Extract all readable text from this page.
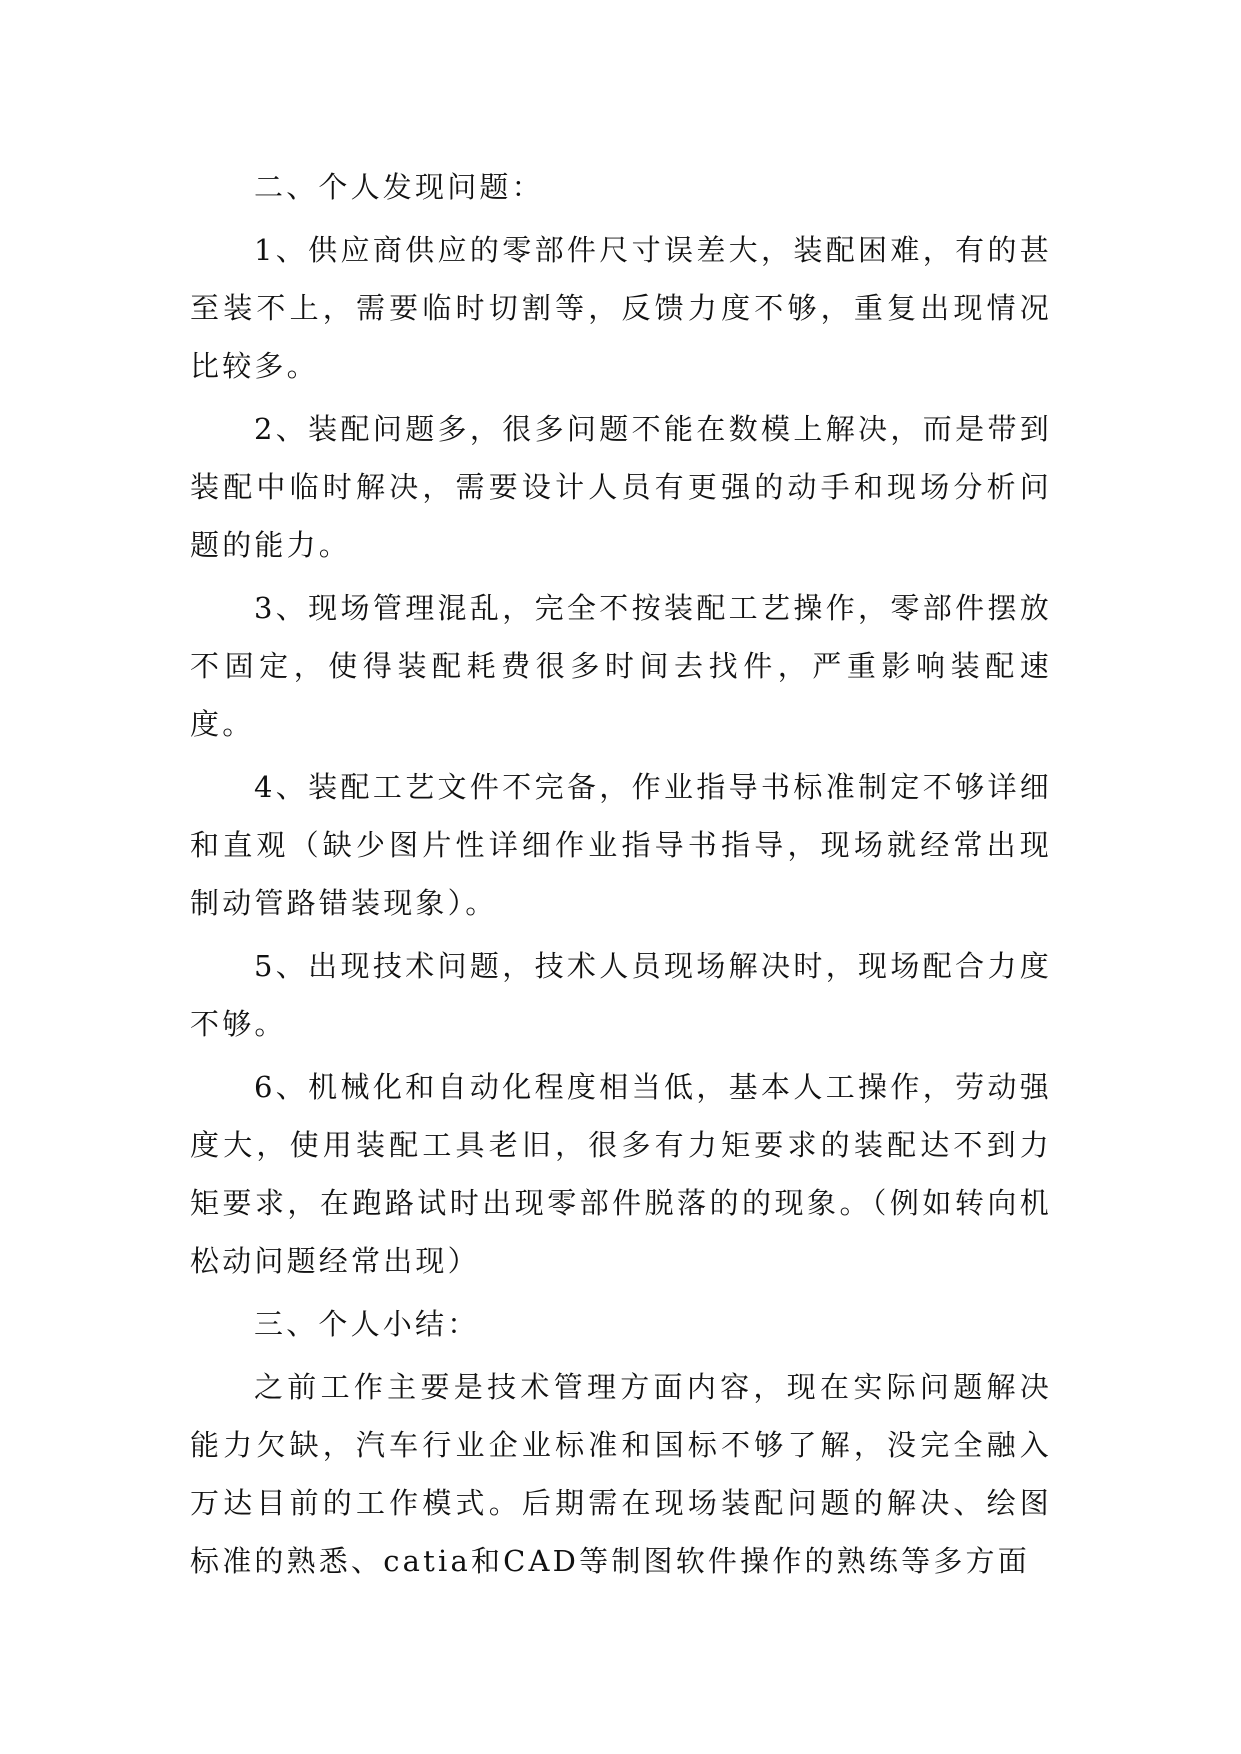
二、个人发现问题：

1、供应商供应的零部件尺寸误差大，装配困难，有的甚至装不上，需要临时切割等，反馈力度不够，重复出现情况比较多。

2、装配问题多，很多问题不能在数模上解决，而是带到装配中临时解决，需要设计人员有更强的动手和现场分析问题的能力。

3、现场管理混乱，完全不按装配工艺操作，零部件摆放不固定，使得装配耗费很多时间去找件，严重影响装配速度。

4、装配工艺文件不完备，作业指导书标准制定不够详细和直观（缺少图片性详细作业指导书指导，现场就经常出现制动管路错装现象）。

5、出现技术问题，技术人员现场解决时，现场配合力度不够。

6、机械化和自动化程度相当低，基本人工操作，劳动强度大，使用装配工具老旧，很多有力矩要求的装配达不到力矩要求，在跑路试时出现零部件脱落的的现象。（例如转向机松动问题经常出现）

三、个人小结：

之前工作主要是技术管理方面内容，现在实际问题解决能力欠缺，汽车行业企业标准和国标不够了解，没完全融入万达目前的工作模式。后期需在现场装配问题的解决、绘图标准的熟悉、catia和CAD等制图软件操作的熟练等多方面
